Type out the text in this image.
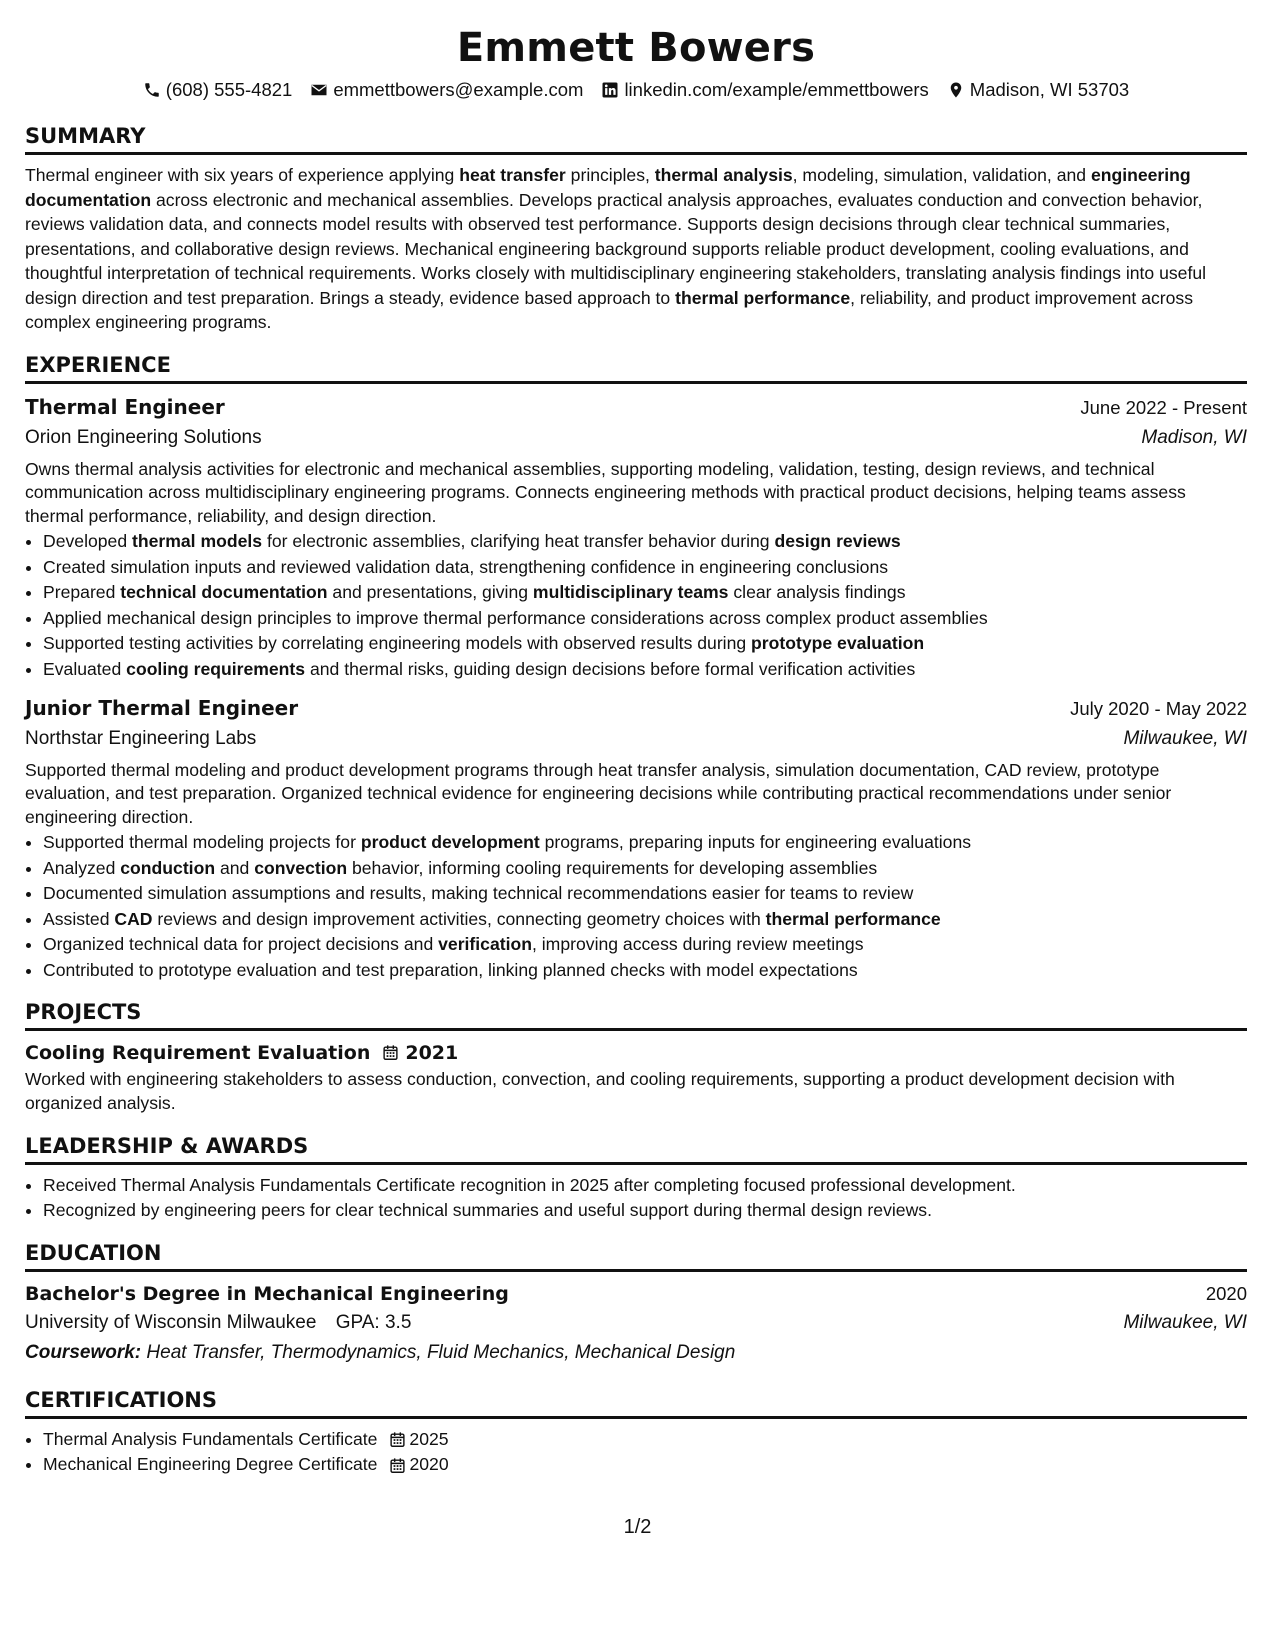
Emmett Bowers
(608) 555-4821 emmettbowers@example.com linkedin.com/example/emmettbowers Madison, WI 53703
SUMMARY
Thermal engineer with six years of experience applying heat transfer principles, thermal analysis, modeling, simulation, validation, and engineering documentation across electronic and mechanical assemblies. Develops practical analysis approaches, evaluates conduction and convection behavior, reviews validation data, and connects model results with observed test performance. Supports design decisions through clear technical summaries, presentations, and collaborative design reviews. Mechanical engineering background supports reliable product development, cooling evaluations, and thoughtful interpretation of technical requirements. Works closely with multidisciplinary engineering stakeholders, translating analysis findings into useful design direction and test preparation. Brings a steady, evidence based approach to thermal performance, reliability, and product improvement across complex engineering programs.
EXPERIENCE
Thermal Engineer	June 2022 - Present
Orion Engineering Solutions	Madison, WI
Owns thermal analysis activities for electronic and mechanical assemblies, supporting modeling, validation, testing, design reviews, and technical communication across multidisciplinary engineering programs. Connects engineering methods with practical product decisions, helping teams assess thermal performance, reliability, and design direction.
• Developed thermal models for electronic assemblies, clarifying heat transfer behavior during design reviews
• Created simulation inputs and reviewed validation data, strengthening confidence in engineering conclusions
• Prepared technical documentation and presentations, giving multidisciplinary teams clear analysis findings
• Applied mechanical design principles to improve thermal performance considerations across complex product assemblies
• Supported testing activities by correlating engineering models with observed results during prototype evaluation
• Evaluated cooling requirements and thermal risks, guiding design decisions before formal verification activities
Junior Thermal Engineer	July 2020 - May 2022
Northstar Engineering Labs	Milwaukee, WI
Supported thermal modeling and product development programs through heat transfer analysis, simulation documentation, CAD review, prototype evaluation, and test preparation. Organized technical evidence for engineering decisions while contributing practical recommendations under senior engineering direction.
• Supported thermal modeling projects for product development programs, preparing inputs for engineering evaluations
• Analyzed conduction and convection behavior, informing cooling requirements for developing assemblies
• Documented simulation assumptions and results, making technical recommendations easier for teams to review
• Assisted CAD reviews and design improvement activities, connecting geometry choices with thermal performance
• Organized technical data for project decisions and verification, improving access during review meetings
• Contributed to prototype evaluation and test preparation, linking planned checks with model expectations
PROJECTS
Cooling Requirement Evaluation 2021
Worked with engineering stakeholders to assess conduction, convection, and cooling requirements, supporting a product development decision with organized analysis.
LEADERSHIP & AWARDS
• Received Thermal Analysis Fundamentals Certificate recognition in 2025 after completing focused professional development.
• Recognized by engineering peers for clear technical summaries and useful support during thermal design reviews.
EDUCATION
Bachelor's Degree in Mechanical Engineering	2020
University of Wisconsin Milwaukee GPA: 3.5	Milwaukee, WI
Coursework: Heat Transfer, Thermodynamics, Fluid Mechanics, Mechanical Design
CERTIFICATIONS
• Thermal Analysis Fundamentals Certificate 2025
• Mechanical Engineering Degree Certificate 2020
1/2
